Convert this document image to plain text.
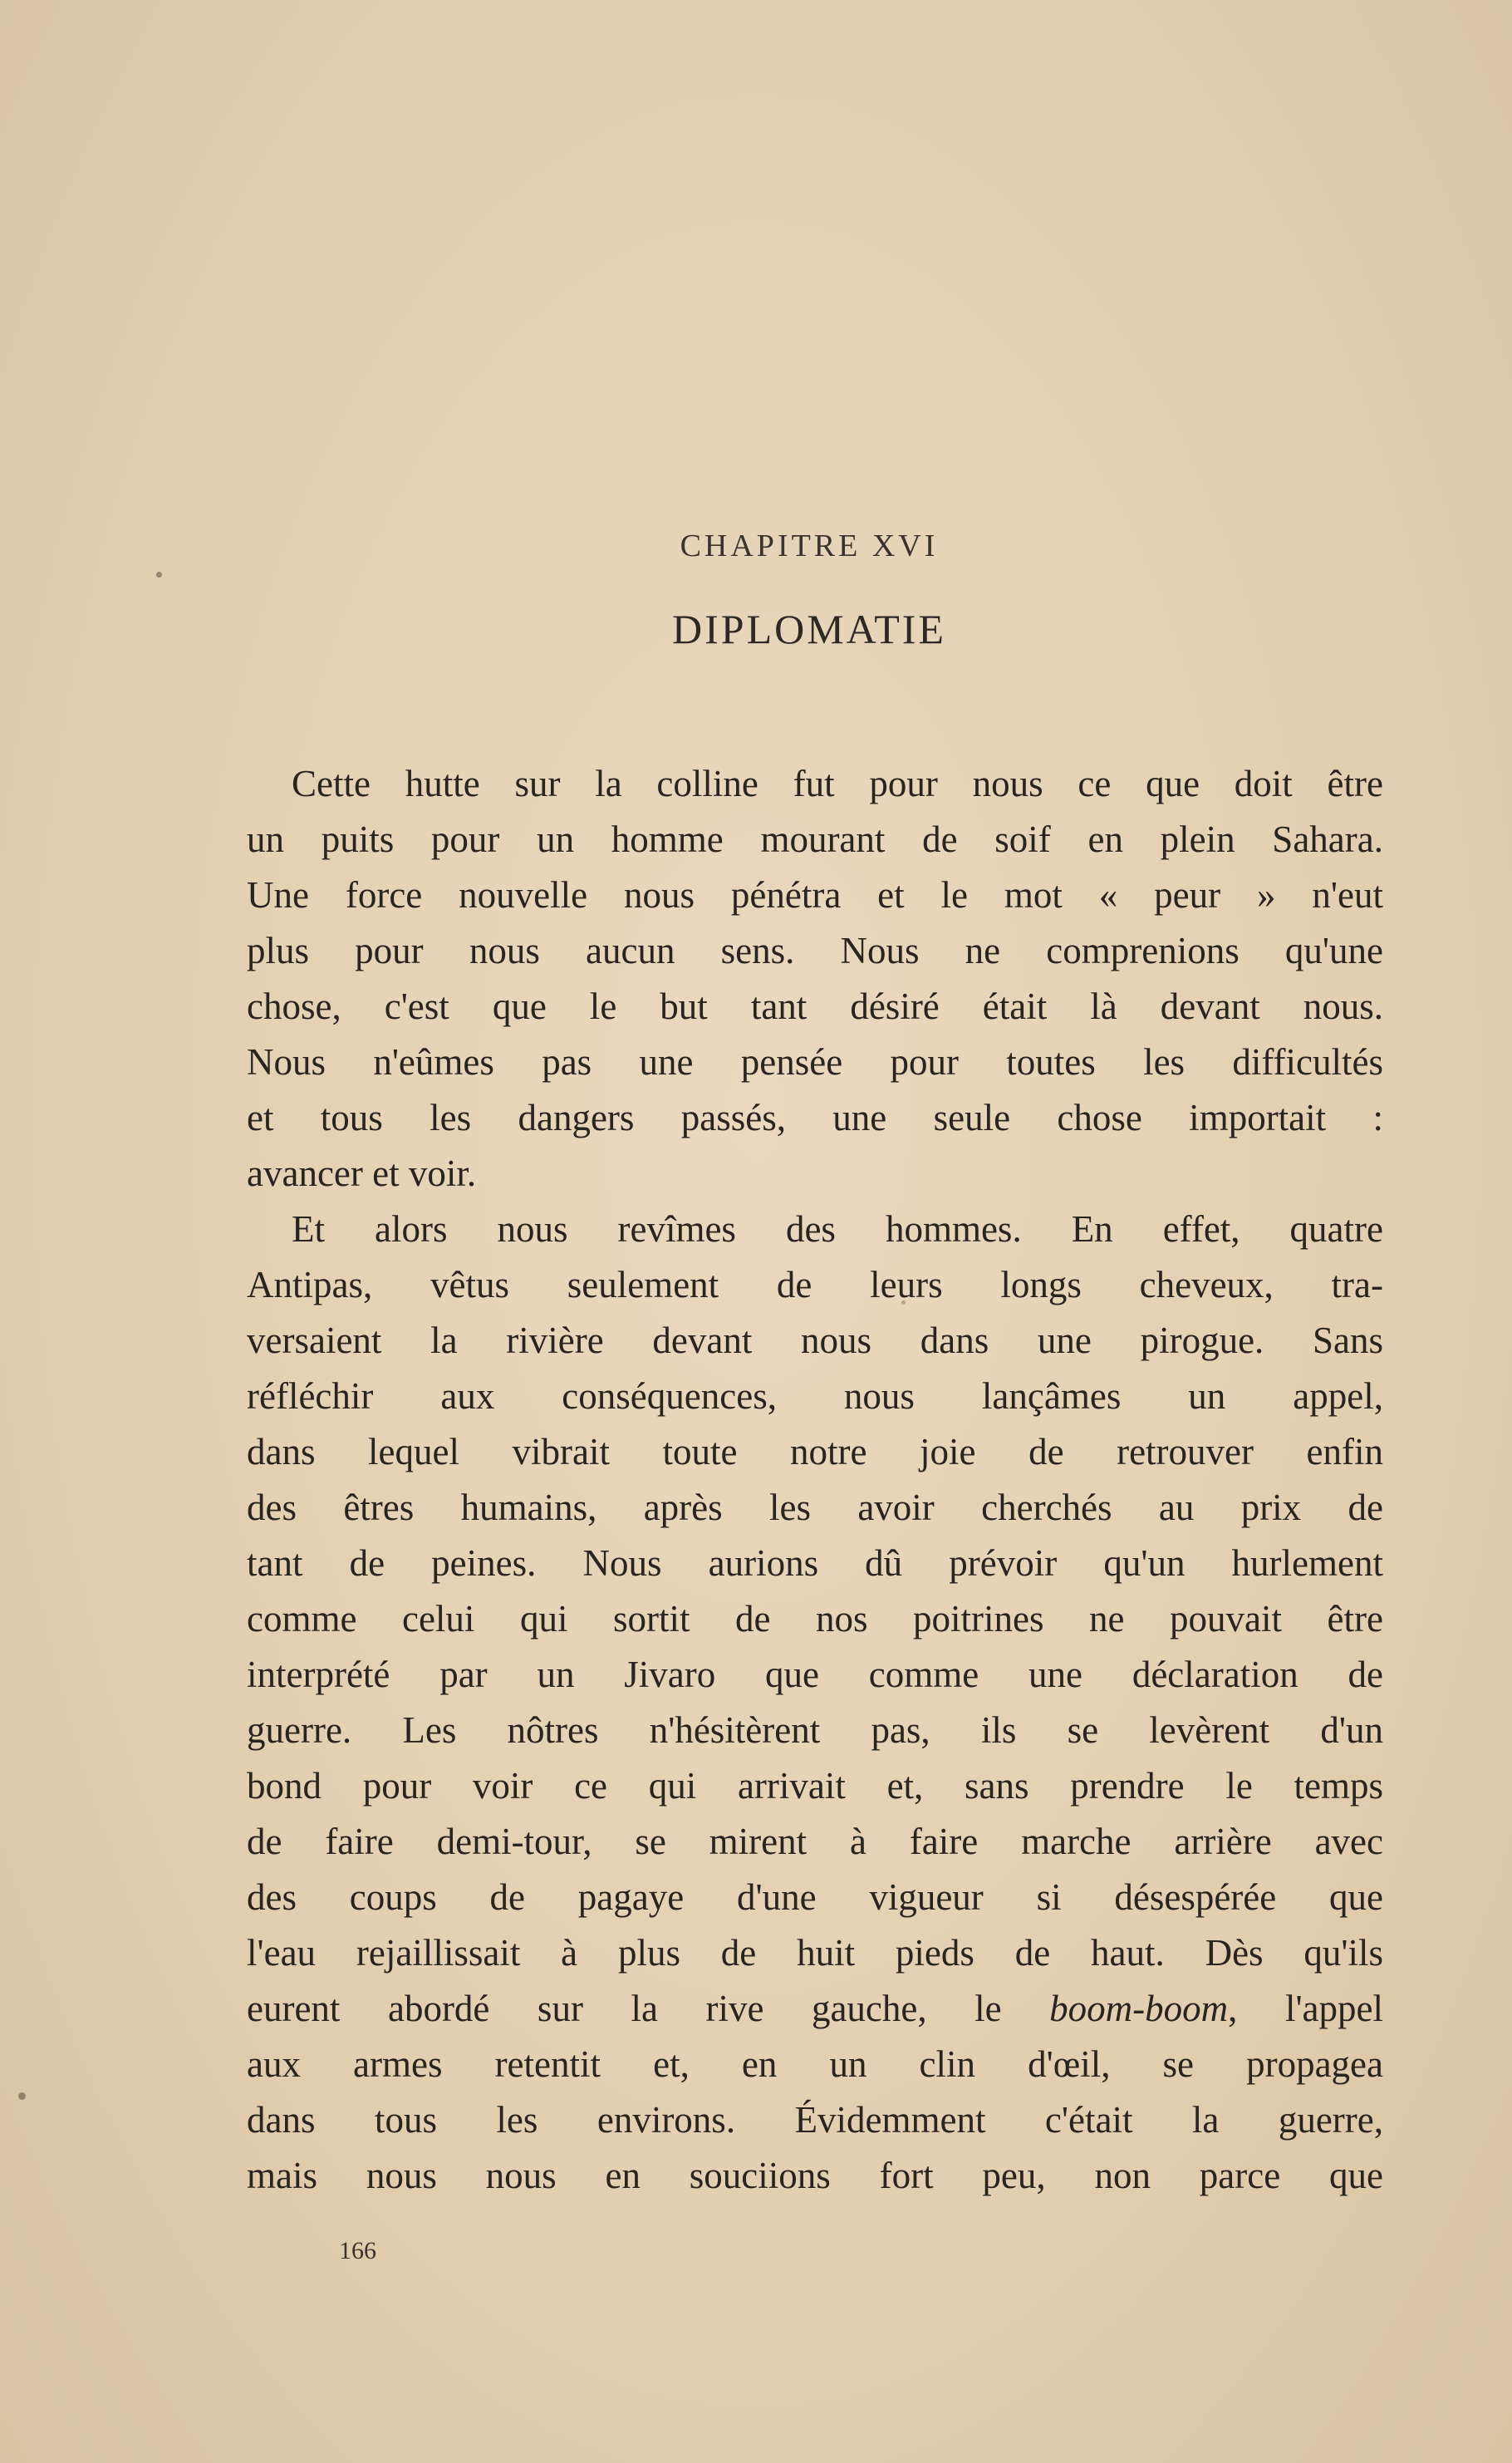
CHAPITRE XVI
DIPLOMATIE
Cette hutte sur la colline fut pour nous ce que doit être
un puits pour un homme mourant de soif en plein Sahara.
Une force nouvelle nous pénétra et le mot « peur » n'eut
plus pour nous aucun sens. Nous ne comprenions qu'une
chose, c'est que le but tant désiré était là devant nous.
Nous n'eûmes pas une pensée pour toutes les difficultés
et tous les dangers passés, une seule chose importait :
avancer et voir.
Et alors nous revîmes des hommes. En effet, quatre
Antipas, vêtus seulement de leurs longs cheveux, tra-
versaient la rivière devant nous dans une pirogue. Sans
réfléchir aux conséquences, nous lançâmes un appel,
dans lequel vibrait toute notre joie de retrouver enfin
des êtres humains, après les avoir cherchés au prix de
tant de peines. Nous aurions dû prévoir qu'un hurlement
comme celui qui sortit de nos poitrines ne pouvait être
interprété par un Jivaro que comme une déclaration de
guerre. Les nôtres n'hésitèrent pas, ils se levèrent d'un
bond pour voir ce qui arrivait et, sans prendre le temps
de faire demi-tour, se mirent à faire marche arrière avec
des coups de pagaye d'une vigueur si désespérée que
l'eau rejaillissait à plus de huit pieds de haut. Dès qu'ils
eurent abordé sur la rive gauche, le boom-boom, l'appel
aux armes retentit et, en un clin d'œil, se propagea
dans tous les environs. Évidemment c'était la guerre,
mais nous nous en souciions fort peu, non parce que
166
